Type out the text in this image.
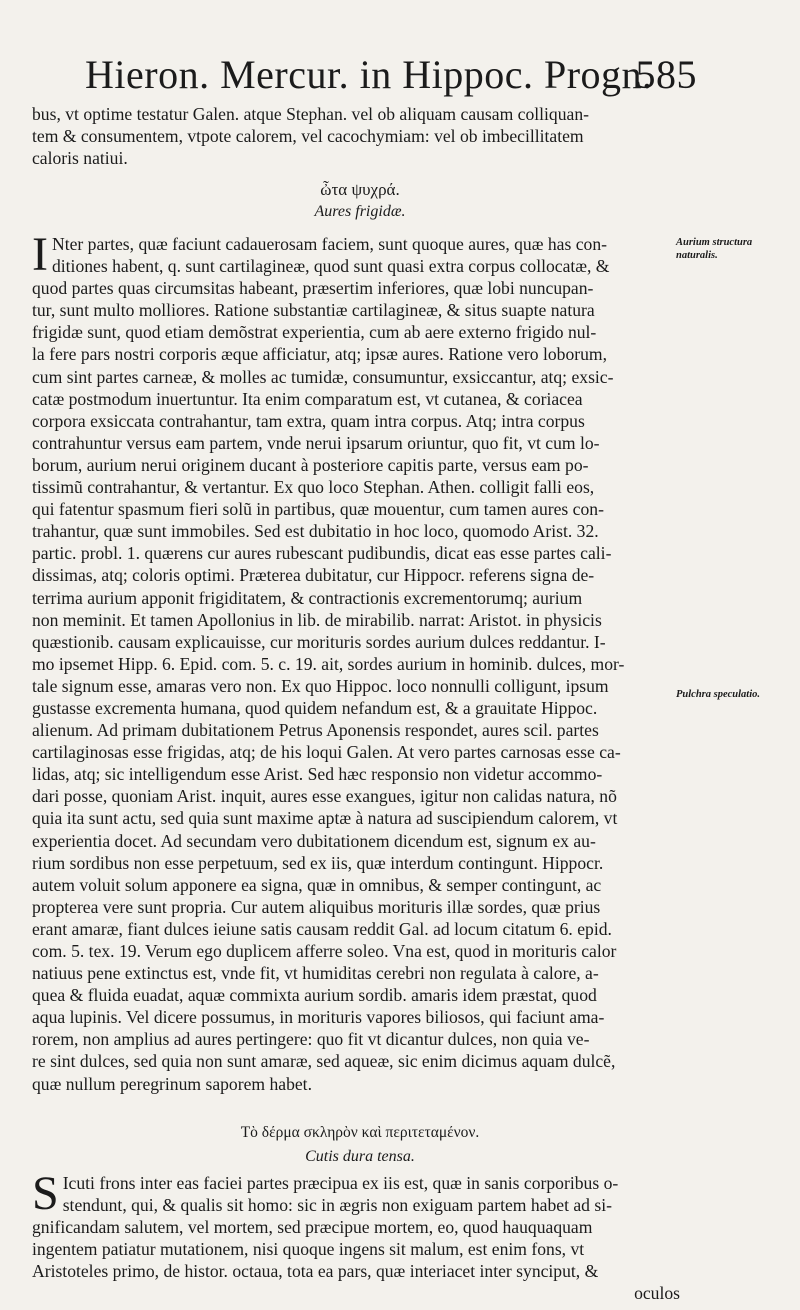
Hieron. Mercur. in Hippoc. Progn.
585
bus, vt optime testatur Galen. atque Stephan. vel ob aliquam causam colliquan-
tem & consumentem, vtpote calorem, vel cacochymiam: vel ob imbecillitatem
caloris natiui.
ὦτα ψυχρά.
Aures frigidæ.
I Nter partes, quæ faciunt cadauerosam faciem, sunt quoque aures, quæ has con-
ditiones habent, q. sunt cartilagineæ, quod sunt quasi extra corpus collocatæ, &
quod partes quas circumsitas habeant, præsertim inferiores, quæ lobi nuncupan-
tur, sunt multo molliores. Ratione substantiæ cartilagineæ, & situs suapte natura
frigidæ sunt, quod etiam demõstrat experientia, cum ab aere externo frigido nul-
la fere pars nostri corporis æque afficiatur, atq; ipsæ aures. Ratione vero loborum,
cum sint partes carneæ, & molles ac tumidæ, consumuntur, exsiccantur, atq; exsic-
catæ postmodum inuertuntur. Ita enim comparatum est, vt cutanea, & coriacea
corpora exsiccata contrahantur, tam extra, quam intra corpus. Atq; intra corpus
contrahuntur versus eam partem, vnde nerui ipsarum oriuntur, quo fit, vt cum lo-
borum, aurium nerui originem ducant à posteriore capitis parte, versus eam po-
tissimũ contrahantur, & vertantur. Ex quo loco Stephan. Athen. colligit falli eos,
qui fatentur spasmum fieri solũ in partibus, quæ mouentur, cum tamen aures con-
trahantur, quæ sunt immobiles. Sed est dubitatio in hoc loco, quomodo Arist. 32.
partic. probl. 1. quærens cur aures rubescant pudibundis, dicat eas esse partes cali-
dissimas, atq; coloris optimi. Præterea dubitatur, cur Hippocr. referens signa de-
terrima aurium apponit frigiditatem, & contractionis excrementorumq; aurium
non meminit. Et tamen Apollonius in lib. de mirabilib. narrat: Aristot. in physicis
quæstionib. causam explicauisse, cur morituris sordes aurium dulces reddantur. I-
mo ipsemet Hipp. 6. Epid. com. 5. c. 19. ait, sordes aurium in hominib. dulces, mor-
tale signum esse, amaras vero non. Ex quo Hippoc. loco nonnulli colligunt, ipsum
gustasse excrementa humana, quod quidem nefandum est, & a grauitate Hippoc.
alienum. Ad primam dubitationem Petrus Aponensis respondet, aures scil. partes
cartilaginosas esse frigidas, atq; de his loqui Galen. At vero partes carnosas esse ca-
lidas, atq; sic intelligendum esse Arist. Sed hæc responsio non videtur accommo-
dari posse, quoniam Arist. inquit, aures esse exangues, igitur non calidas natura, nõ
quia ita sunt actu, sed quia sunt maxime aptæ à natura ad suscipiendum calorem, vt
experientia docet. Ad secundam vero dubitationem dicendum est, signum ex au-
rium sordibus non esse perpetuum, sed ex iis, quæ interdum contingunt. Hippocr.
autem voluit solum apponere ea signa, quæ in omnibus, & semper contingunt, ac
propterea vere sunt propria. Cur autem aliquibus morituris illæ sordes, quæ prius
erant amaræ, fiant dulces ieiune satis causam reddit Gal. ad locum citatum 6. epid.
com. 5. tex. 19. Verum ego duplicem afferre soleo. Vna est, quod in morituris calor
natiuus pene extinctus est, vnde fit, vt humiditas cerebri non regulata à calore, a-
quea & fluida euadat, aquæ commixta aurium sordib. amaris idem præstat, quod
aqua lupinis. Vel dicere possumus, in morituris vapores biliosos, qui faciunt ama-
rorem, non amplius ad aures pertingere: quo fit vt dicantur dulces, non quia ve-
re sint dulces, sed quia non sunt amaræ, sed aqueæ, sic enim dicimus aquam dulcẽ,
quæ nullum peregrinum saporem habet.
Aurium structura naturalis.
Pulchra speculatio.
Τὸ δέρμα σκληρὸν καὶ περιτεταμένον.
Cutis dura tensa.
S Icuti frons inter eas faciei partes præcipua ex iis est, quæ in sanis corporibus o-
stendunt, qui, & qualis sit homo: sic in ægris non exiguam partem habet ad si-
gnificandam salutem, vel mortem, sed præcipue mortem, eo, quod hauquaquam
ingentem patiatur mutationem, nisi quoque ingens sit malum, est enim fons, vt
Aristoteles primo, de histor. octaua, tota ea pars, quæ interiacet inter synciput, &
oculos
